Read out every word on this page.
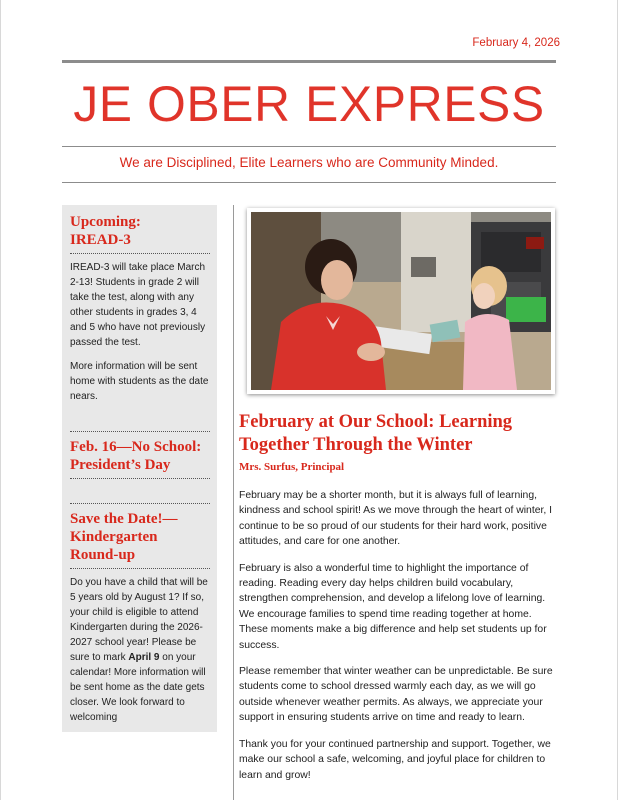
February 4, 2026
JE OBER EXPRESS
We are Disciplined, Elite Learners who are Community Minded.
Upcoming:
IREAD-3

IREAD-3 will take place March 2-13! Students in grade 2 will take the test, along with any other students in grades 3, 4 and 5 who have not previously passed the test.

More information will be sent home with students as the date nears.

Feb. 16—No School:
President’s Day
Save the Date!—
Kindergarten
Round-up

Do you have a child that will be 5 years old by August 1? If so, your child is eligible to attend Kindergarten during the 2026-2027 school year! Please be sure to mark April 9 on your calendar! More information will be sent home as the date gets closer. We look forward to welcoming

February at Our School: Learning
Together Through the Winter
Mrs. Surfus, Principal

February may be a shorter month, but it is always full of learning, kindness and school spirit! As we move through the heart of winter, I continue to be so proud of our students for their hard work, positive attitudes, and care for one another.

February is also a wonderful time to highlight the importance of reading. Reading every day helps children build vocabulary, strengthen comprehension, and develop a lifelong love of learning. We encourage families to spend time reading together at home. These moments make a big difference and help set students up for success.

Please remember that winter weather can be unpredictable. Be sure students come to school dressed warmly each day, as we will go outside whenever weather permits. As always, we appreciate your support in ensuring students arrive on time and ready to learn.

Thank you for your continued partnership and support. Together, we make our school a safe, welcoming, and joyful place for children to learn and grow!
